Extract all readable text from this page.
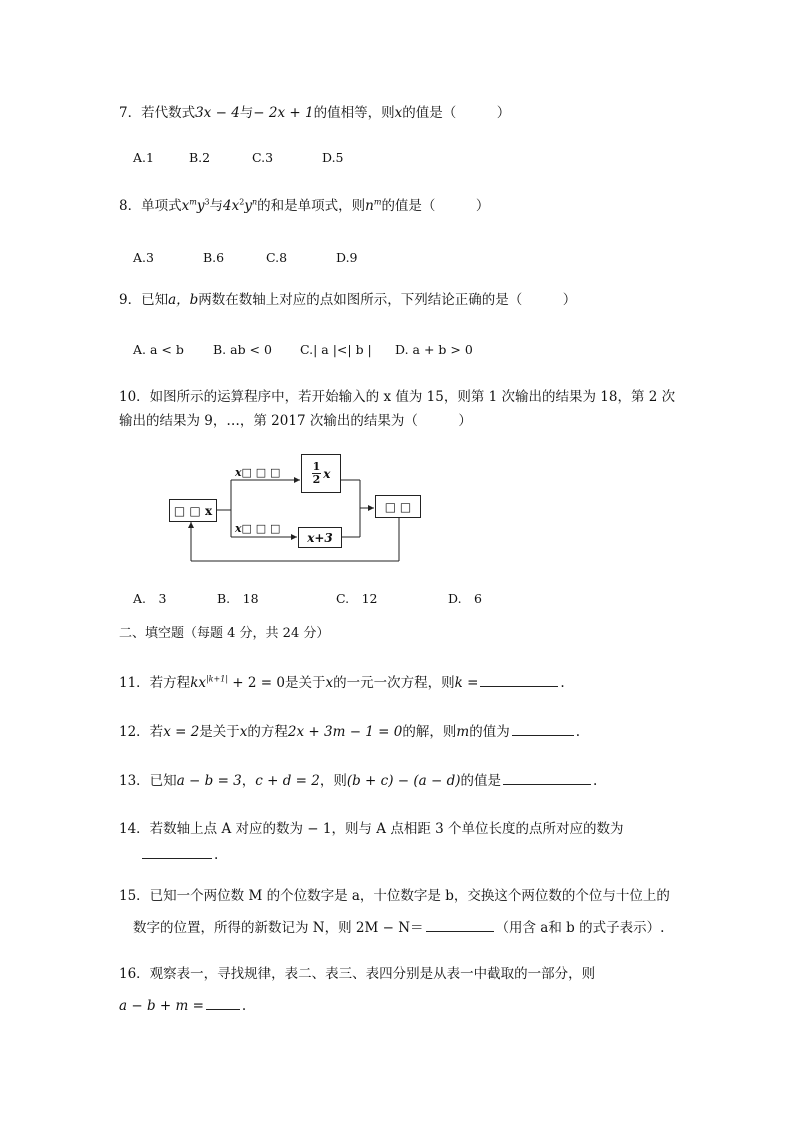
7．若代数式3x − 4与− 2x + 1的值相等，则x的值是（　　　）
A.1	B.2	C.3	D.5
8．单项式$x^my^3$与$4x^2y^n$的和是单项式，则$n^m$的值是（　　　）
A.3	B.6	C.8	D.9
9．已知a，b两数在数轴上对应的点如图所示，下列结论正确的是（　　　）
A. a < b B. ab < 0 C.| a |<| b | D. a + b > 0
10．如图所示的运算程序中，若开始输入的 x 值为 15，则第 1 次输出的结果为 18，第 2 次
输出的结果为 9，…，第 2017 次输出的结果为（　　　）
□ □ x
x□ □ □	$\frac{1}{2}$ x
x□ □ □
x+3
□ □
A.　3	B.　18	C.　12	D.　6
二、填空题（每题 4 分，共 24 分）
11．若方程$kx^{|k+1|} + 2 = 0$是关于x的一元一次方程，则k =	.
12．若x = 2是关于x的方程2x + 3m − 1 = 0的解，则m的值为	.
13．已知a − b = 3，c + d = 2，则(b + c) − (a − d)的值是	.
14．若数轴上点 A 对应的数为 − 1，则与 A 点相距 3 个单位长度的点所对应的数为
.
15．已知一个两位数 M 的个位数字是 a，十位数字是 b，交换这个两位数的个位与十位上的
数字的位置，所得的新数记为 N，则 2M − N＝	（用含 a和 b 的式子表示）.
16．观察表一，寻找规律，表二、表三、表四分别是从表一中截取的一部分，则
a − b + m =	.
